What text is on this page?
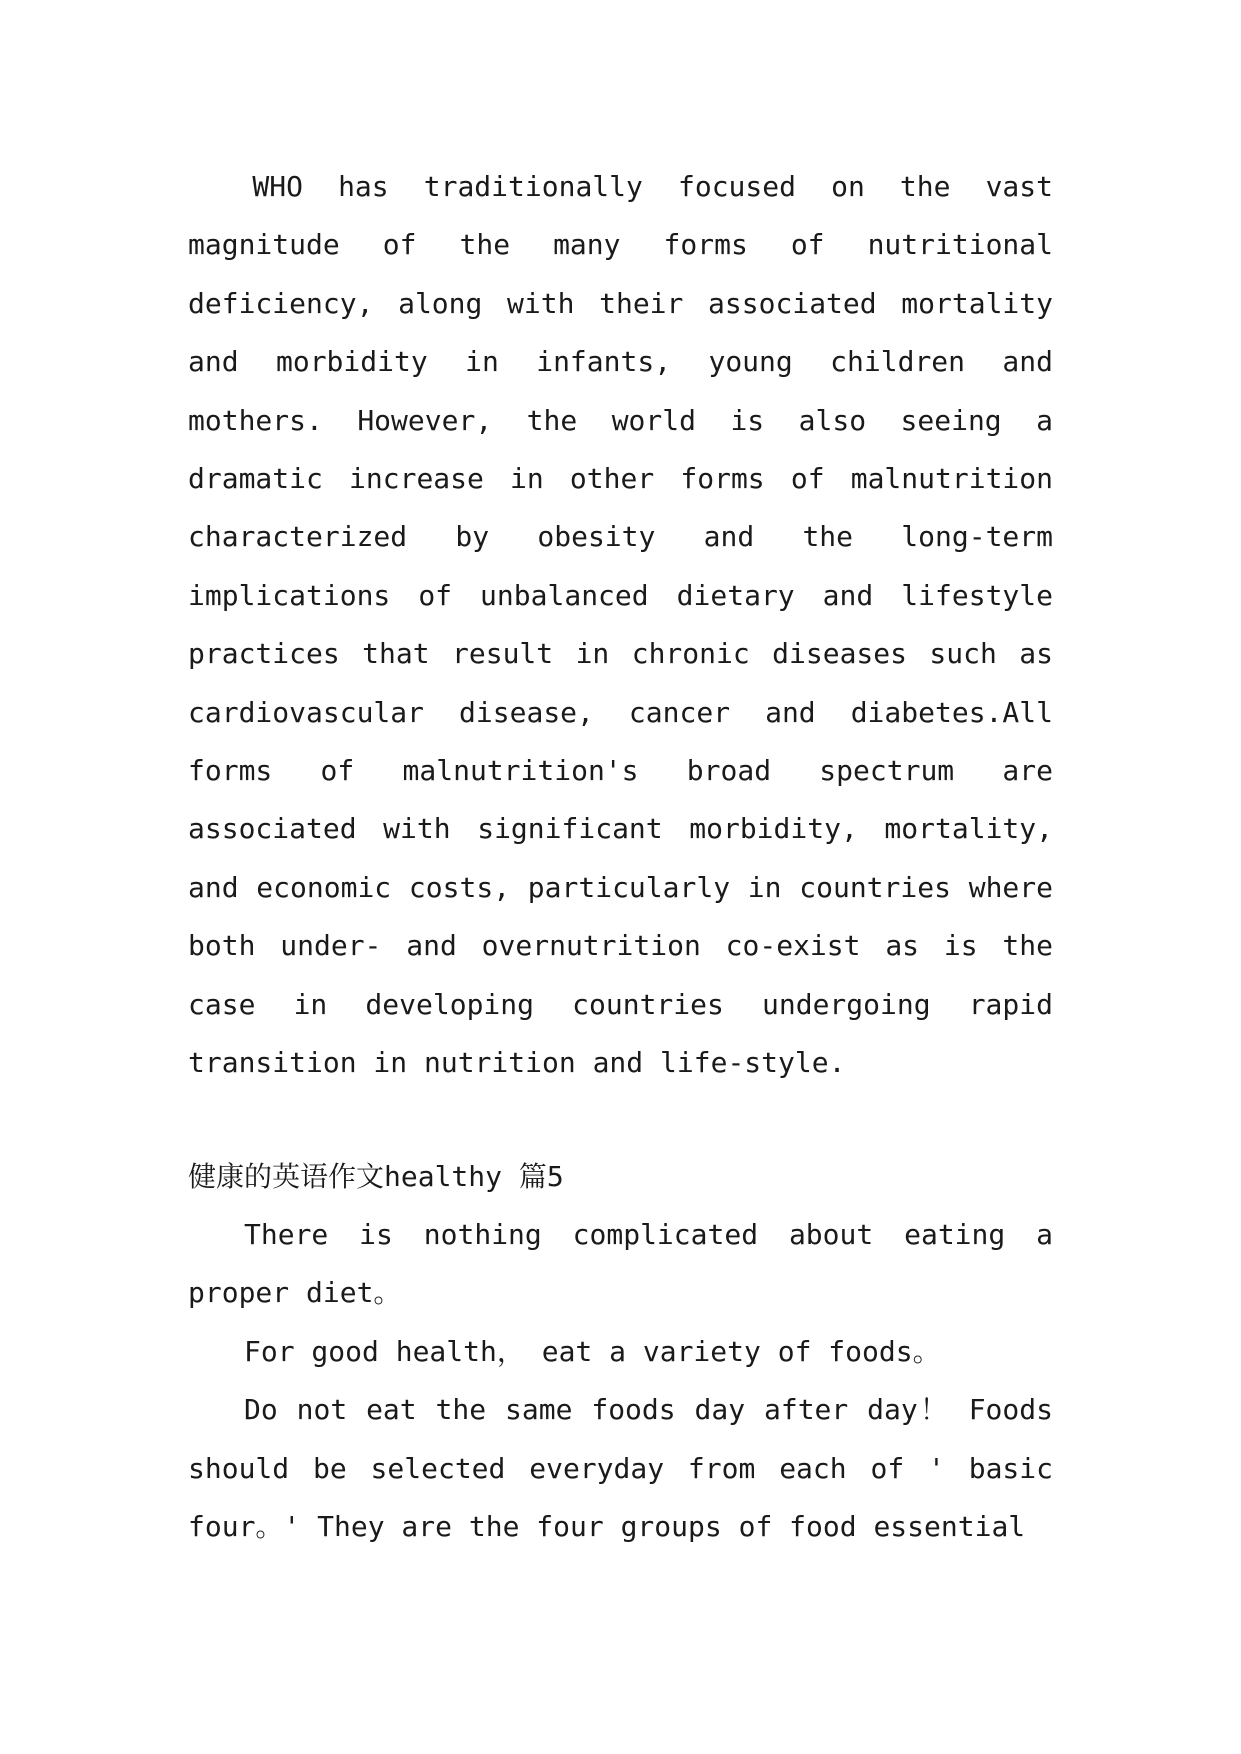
WHO has traditionally focused on the vast magnitude of the many forms of nutritional deficiency, along with their associated mortality and morbidity in infants, young children and mothers. However, the world is also seeing a dramatic increase in other forms of malnutrition characterized by obesity and the long-term implications of unbalanced dietary and lifestyle practices that result in chronic diseases such as cardiovascular disease, cancer and diabetes.All forms of malnutrition's broad spectrum are associated with significant morbidity, mortality, and economic costs, particularly in countries where both under- and overnutrition co-exist as is the case in developing countries undergoing rapid transition in nutrition and life-style.

健康的英语作文healthy 篇5

There is nothing complicated about eating a proper diet。

For good health， eat a variety of foods。

Do not eat the same foods day after day！ Foods should be selected everyday from each of ' basic four。' They are the four groups of food essential
